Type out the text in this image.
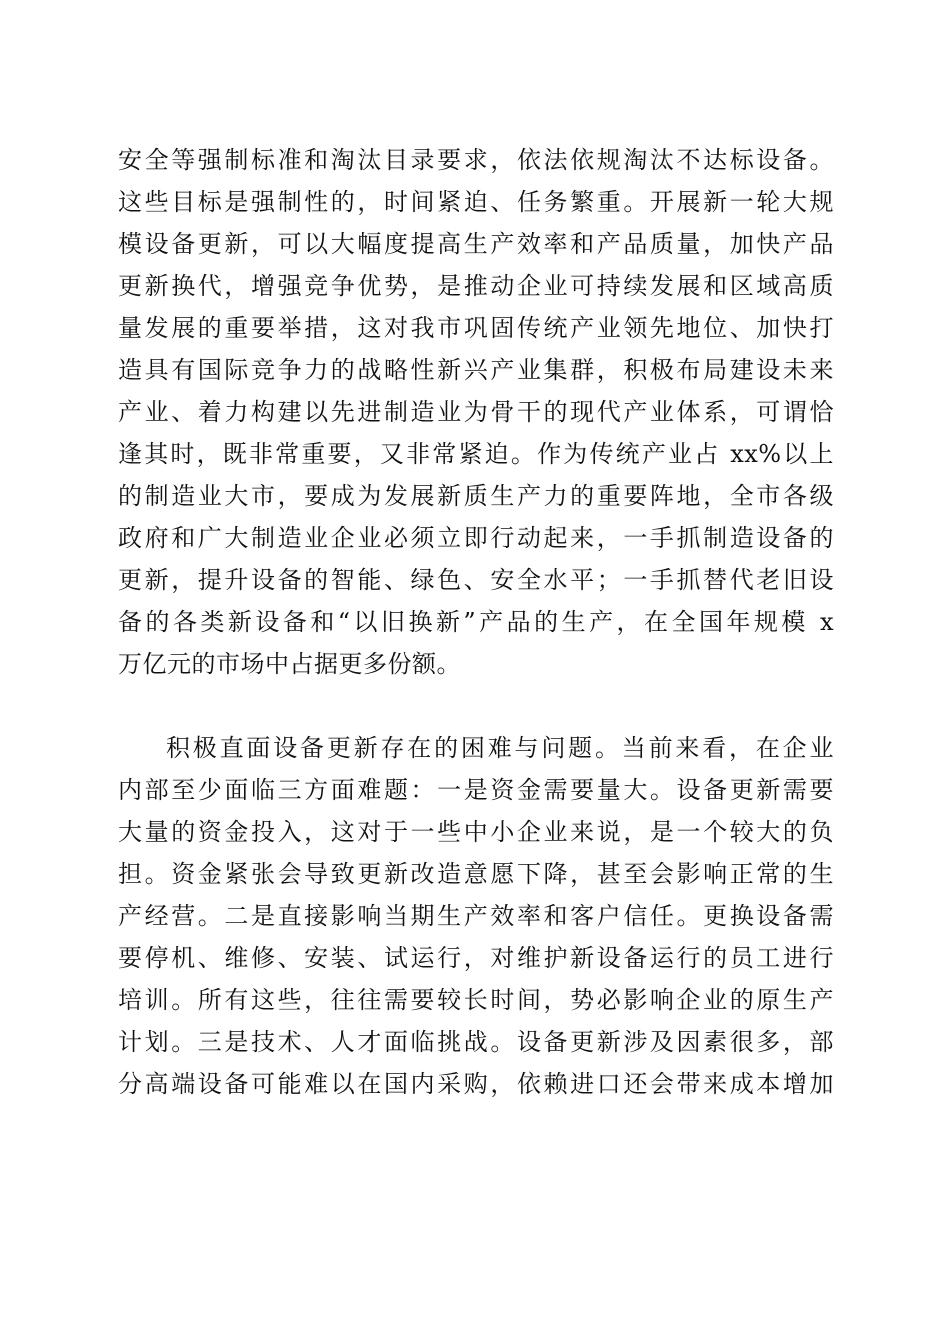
安全等强制标准和淘汰目录要求，依法依规淘汰不达标设备。
这些目标是强制性的，时间紧迫、任务繁重。开展新一轮大规
模设备更新，可以大幅度提高生产效率和产品质量，加快产品
更新换代，增强竞争优势，是推动企业可持续发展和区域高质
量发展的重要举措，这对我市巩固传统产业领先地位、加快打
造具有国际竞争力的战略性新兴产业集群，积极布局建设未来
产业、着力构建以先进制造业为骨干的现代产业体系，可谓恰
逢其时，既非常重要，又非常紧迫。作为传统产业占 xx%以上
的制造业大市，要成为发展新质生产力的重要阵地，全市各级
政府和广大制造业企业必须立即行动起来，一手抓制造设备的
更新，提升设备的智能、绿色、安全水平；一手抓替代老旧设
备的各类新设备和“以旧换新”产品的生产，在全国年规模 x
万亿元的市场中占据更多份额。
积极直面设备更新存在的困难与问题。当前来看，在企业
内部至少面临三方面难题：一是资金需要量大。设备更新需要
大量的资金投入，这对于一些中小企业来说，是一个较大的负
担。资金紧张会导致更新改造意愿下降，甚至会影响正常的生
产经营。二是直接影响当期生产效率和客户信任。更换设备需
要停机、维修、安装、试运行，对维护新设备运行的员工进行
培训。所有这些，往往需要较长时间，势必影响企业的原生产
计划。三是技术、人才面临挑战。设备更新涉及因素很多，部
分高端设备可能难以在国内采购，依赖进口还会带来成本增加
